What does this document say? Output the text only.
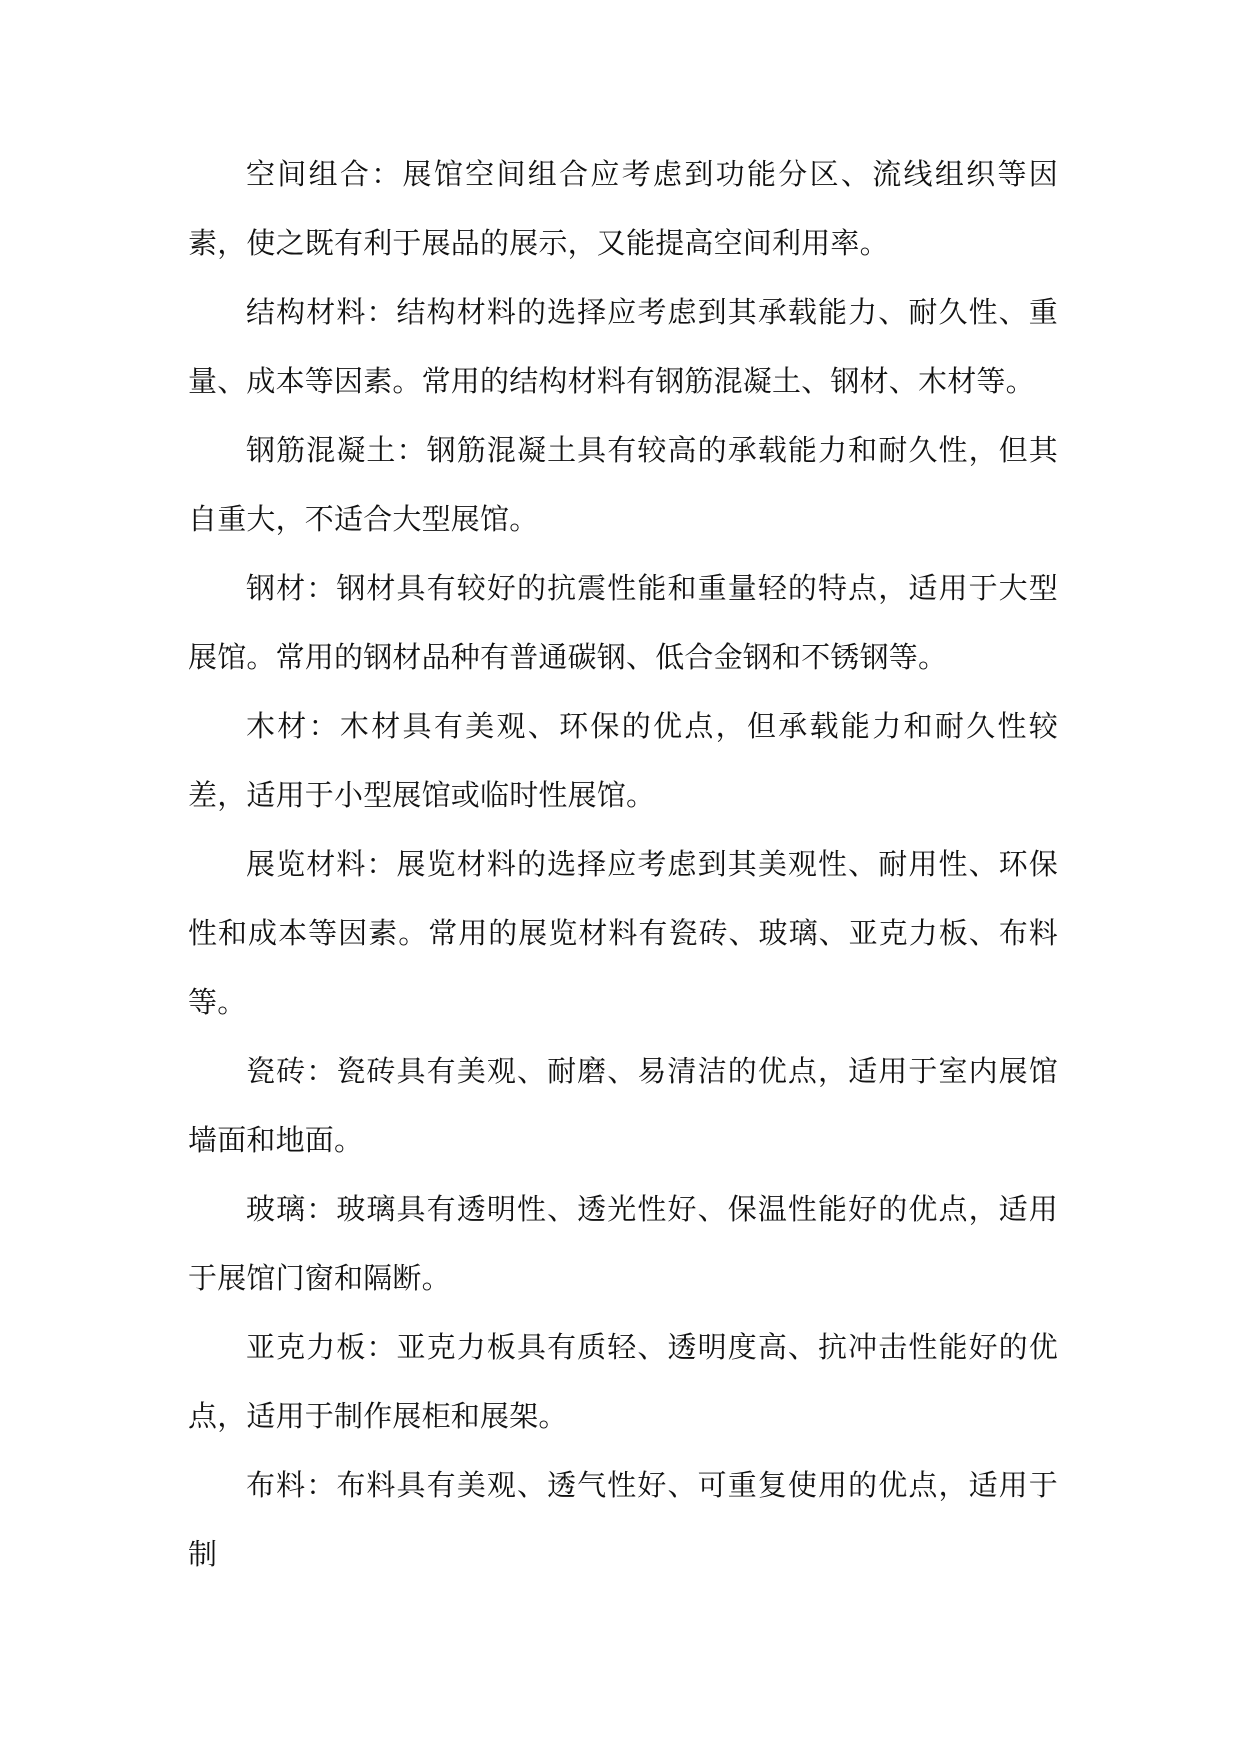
空间组合：展馆空间组合应考虑到功能分区、流线组织等因素，使之既有利于展品的展示，又能提高空间利用率。

结构材料：结构材料的选择应考虑到其承载能力、耐久性、重量、成本等因素。常用的结构材料有钢筋混凝土、钢材、木材等。

钢筋混凝土：钢筋混凝土具有较高的承载能力和耐久性，但其自重大，不适合大型展馆。

钢材：钢材具有较好的抗震性能和重量轻的特点，适用于大型展馆。常用的钢材品种有普通碳钢、低合金钢和不锈钢等。

木材：木材具有美观、环保的优点，但承载能力和耐久性较差，适用于小型展馆或临时性展馆。

展览材料：展览材料的选择应考虑到其美观性、耐用性、环保性和成本等因素。常用的展览材料有瓷砖、玻璃、亚克力板、布料等。

瓷砖：瓷砖具有美观、耐磨、易清洁的优点，适用于室内展馆墙面和地面。

玻璃：玻璃具有透明性、透光性好、保温性能好的优点，适用于展馆门窗和隔断。

亚克力板：亚克力板具有质轻、透明度高、抗冲击性能好的优点，适用于制作展柜和展架。

布料：布料具有美观、透气性好、可重复使用的优点，适用于制
